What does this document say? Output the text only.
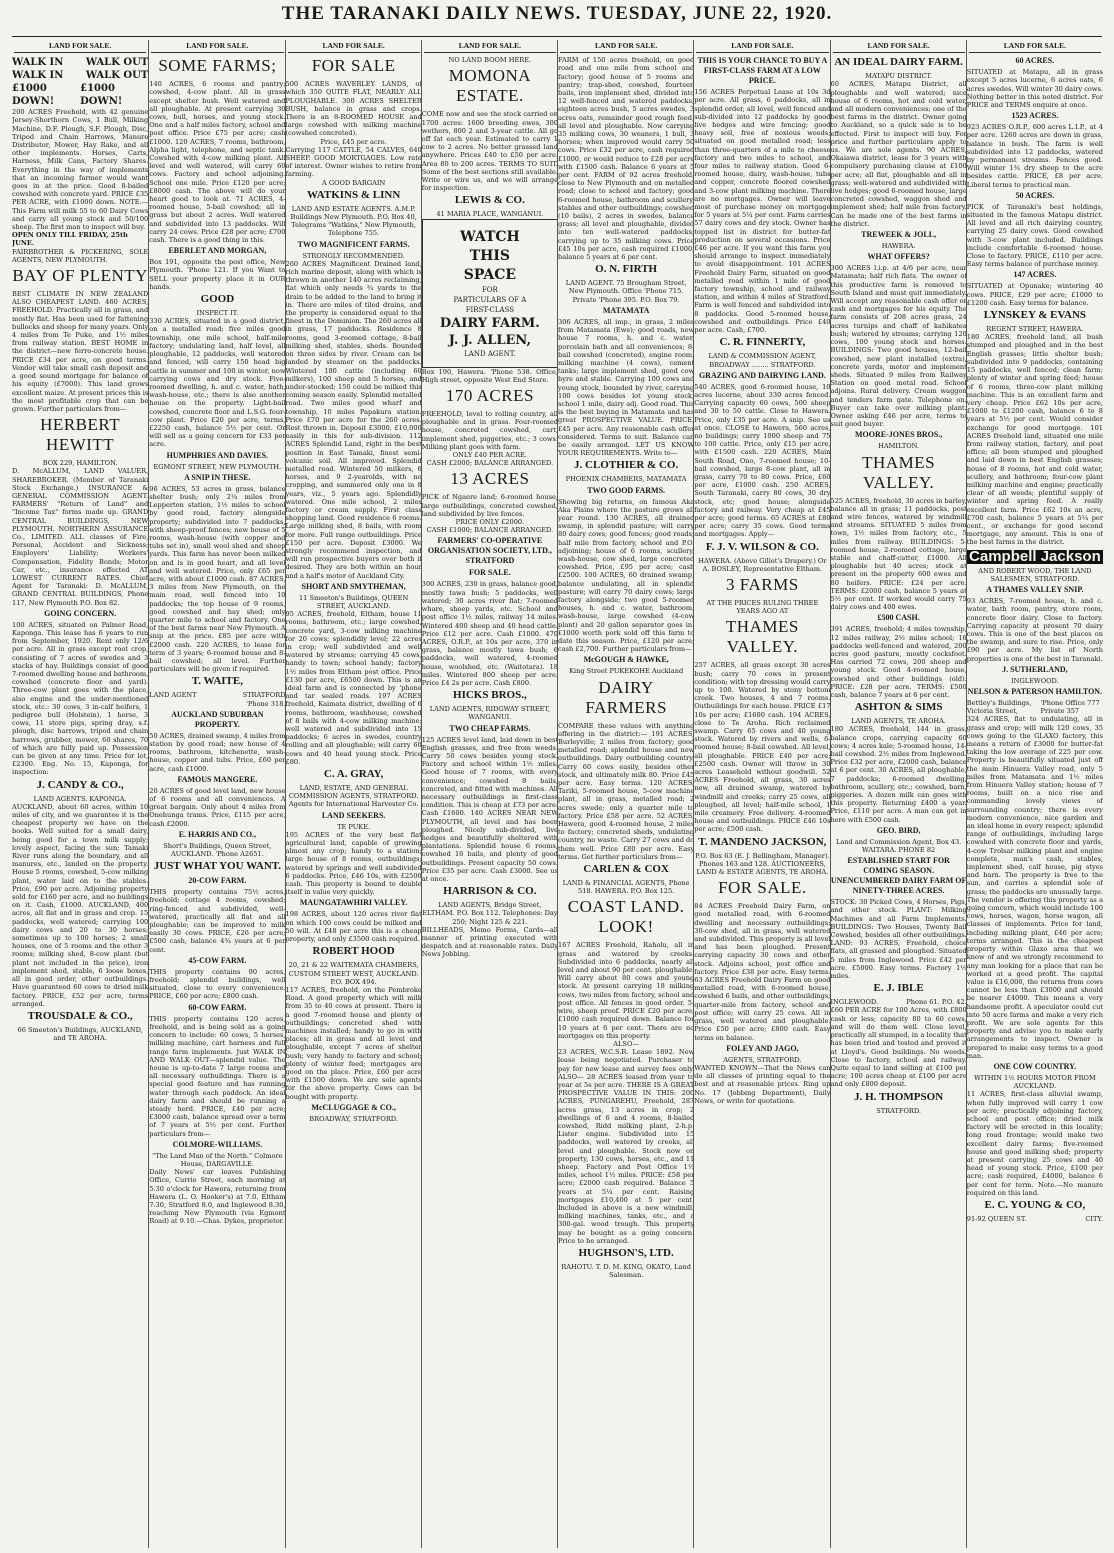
THE TARANAKI DAILY NEWS. TUESDAY, JUNE 22, 1920.
LAND FOR SALE.
WALK IN WALK OUT
WALK IN WALK OUT
£1000 DOWN!
£1000 DOWN!
200 ACRES Freehold, with 42 genuine Jersey-Shorthorn Cows, 1 Bull, Milking Machine, D.F. Plough, S.F. Plough, Disc, Tripod and Chain Harrows, Manure Distributor, Mower, Hay Rake, and all other implements. Horses, Carts, Harness, Milk Cans, Factory Shares. Everything in the way of implements that an incoming farmer would want goes in at the price. Good 8-bailed cowshed with concrete yard. PRICE £35 PER ACRE, with £1000 down. NOTE.—This Farm will milk 55 to 60 Dairy Cows and carry all young stock and 50/100 sheep. The first man to inspect will buy.
OPEN ONLY TILL FRIDAY, 25th JUNE.
FAIRBROTHER & PICKERING, SOLE AGENTS, NEW PLYMOUTH.
BAY OF PLENTY
BEST CLIMATE IN NEW ZEALAND ALSO CHEAPEST LAND. 460 ACRES, FREEHOLD. Practically all in grass, and mostly flat. Has been used for fattening bullocks and sheep for many years. Only 4 miles from Te Puke, and 1½ miles from railway station. BEST HOME in the district—new ferro-concrete house. PRICE £34 per acre, on good terms. Vendor will take small cash deposit and a good sound mortgage for balance of his equity (£7000). This land grows excellent maize. At present prices this is the most profitable crop that can be grown. Further particulars from—
HERBERT HEWITT
BOX 229, HAMILTON.
D. McALLUM, LAND VALUER, SHAREBROKER. (Member of Taranaki Stock Exchange.) INSURANCE & GENERAL COMMISSION AGENT. FARMERS' "Return of Land" and "Income Tax" forms made up. GRAND CENTRAL BUILDINGS, NEW PLYMOUTH. NORTHERN ASSURANCE Co., LIMITED. ALL classes of Fire, Personal, Accident and Sickness; Employers' Liability; Workers' Compensation, Fidelity Bonds; Motor Car, etc., insurance effected AT LOWEST CURRENT RATES. Chief Agent for Taranaki: D. McALLUM, GRAND CENTRAL BUILDINGS, Phone 117, New Plymouth P.O. Box 82.
GOING CONCERN.
100 ACRES, situated on Palmer Road, Kaponga. This lease has 6 years to run from September, 1920. Rent only 12/6 per acre. All in grass except root crop, consisting of 7 acres of swedes and 3 stacks of hay. Buildings consist of good 7-roomed dwelling house and bathroom, cowshed (concrete floor and yard). Three-cow plant goes with the place, also engine and the under-mentioned stock, etc.: 30 cows, 3 in-calf heifers, 1 pedigree bull (Holstein), 1 horse, 3 cows, 11 store pigs, spring dray, s.f. plough, disc harrows, tripod and chain harrows, grubber, mower, 60 shares, 70 of which are fully paid up. Possession can be given at any time. Price for lot, £2300. Eng. No. 15, Kaponga, for inspection:
J. CANDY & CO.,
LAND AGENTS. KAPONGA.
AUCKLAND, about 60 acres, within 10 miles of city, and we guarantee it is the cheapest property we have on the books. Well suited for a small dairy, being good for a town milk supply; lovely aspect, facing the sun; Tamaki River runs along the boundary, and all manures, etc., landed on the property. House 5 rooms, cowshed, 5-cow milking plant, water laid on to the stables. Price, £90 per acre. Adjoining property sold for £160 per acre, and no buildings on it. Cash, £1000. AUCKLAND, 400 acres, all flat and in grass and crop. 15 paddocks, well watered; carrying 100 dairy cows and 20 to 30 horses; sometimes up to 100 horses; 2 small houses, one of 5 rooms and the other 3 rooms; milking shed, 8-cow plant (but plant not included in the price), iron implement shed, stable, 6 loose boxes, all in good order, other outbuildings. Have guaranteed 60 cows to dried milk factory. PRICE, £52 per acre, terms arranged.
TROUSDALE & CO.,
66 Smeeton's Buildings, AUCKLAND, and TE AROHA.
LAND FOR SALE.
SOME FARMS;
140 ACRES, 6 rooms and pantry; cowshed, 4-cow plant. All in grass except shelter bush. Well watered and all ploughable. At present carrying 30 cows, bull, horses, and young stock. One and a half miles factory, school and post office. Price £75 per acre; cash £1000. 120 ACRES, 7 rooms, bathroom, Alpha light, telephone, and septic tank. Cowshed with 4-cow milking plant. All level and well watered, will carry 60 cows. Factory and school adjoining. School one mile. Price £120 per acre; £8000 cash. The above will do your heart good to look at. 71 ACRES, 4-roomed house, 5-bail cowshed; all in grass but about 2 acres. Well watered and subdivided into 13 paddocks. Will carry 24 cows. Price £28 per acre; £700 cash. There is a good thing in this.
EBERLET AND MORGAN,
Box 191, opposite the post office, New Plymouth. 'Phone 121. If you Want to SELL your property place it in OUR hands.
GOOD
INSPECT IT.
330 ACRES, situated in a good district, on a metalled road; five miles good township, one mile school, half-mile factory; undulating land, half level, all ploughable, 12 paddocks, well watered and fenced, will carry 150 head big cattle in summer and 100 in winter, now carrying cows and dry stock. Five-roomed dwelling, h. and c. water, bath, wash-house, etc.; there is also another house on the property. Light-bail cowshed, concrete floor and L.S.G. four-cow plant. Price £20 per acre, terms, £2250 cash, balance 5½ per cent. Or will sell as a going concern for £33 per acre.
HUMPHRIES AND DAVIES.
EGMONT STREET, NEW PLYMOUTH.
A SNIP IN THESE.
96 ACRES, 53 acres in grass, balance shelter bush; only 2¼ miles from Lepperton station, 1½ miles to school by good road, factory alongside property; subdivided into 7 paddocks, with sheep-proof fences; new house of 5 rooms, wash-house (with copper and tubs set in), small wool shed and sheep yards. This farm has never been milked on and is in good heart, and all level and well watered. Price, only £65 per acre, with about £1000 cash. 87 ACRES, 3 miles from New Plymouth, on the main road, well fenced into 10 paddocks; the top house of 9 rooms, good cowshed and hay shed; only quarter mile to school and factory. One of the best farms near New Plymouth. A snip at the price. £85 per acre with £2000 cash. 220 ACRES, to lease for term of 3 years; 6-roomed house and 8-bail cowshed; all level. Further particulars will be given if required.
T. WAITE,
LAND AGENT	STRATFORD
'Phone 318.
AUCKLAND SUBURBAN PROPERTY.
50 ACRES, drained swamp, 4 miles from station by good road; new house of 4 rooms, bathroom, kitchenette, wash-house, copper and tubs. Price, £60 per acre, cash £1000.
FAMOUS MANGERE.
20 ACRES of good level land, new house of 6 rooms and all conveniences. A great bargain. Only about 4 miles from Onehunga trams. Price, £115 per acre, cash £2000.
E. HARRIS AND CO.,
Short's Buildings, Queen Street, AUCKLAND. 'Phone A2651.
JUST WHAT YOU WANT.
20-COW FARM.
THIS property contains 75½ acres, freehold; cottage 4 rooms, cowshed; ring-fenced and subdivided, well-watered, practically all flat and all ploughable; can be improved to milk easily 30 cows. PRICE, £26 per acre; £500 cash, balance 4¾ years at 6 per cent.
45-COW FARM.
THIS property contains 90 acres, freehold; splendid buildings, well situated, close to every convenience. PRICE, £60 per acre; £800 cash.
60-COW FARM.
THIS property contains 120 acres, freehold, and is being sold as a going concern to include: 60 cows, 5 horses, milking machine, cart harness and full range farm implements. Just WALK IN AND WALK OUT—splendid value. The house is up-to-date 7 large rooms and all necessary outbuildings. There is a special good feature and has running water through each paddock. An ideal dairy farm and should be running a steady herd. PRICE, £40 per acre; £3000 cash, balance spread over a term of 7 years at 5½ per cent. Further particulars from—
COLMORE-WILLIAMS.
"The Land Man of the North." Colmore House, DARGAVILLE.
Daily News' car leaves Publishing Office, Currie Street, each morning at 5.30 o'clock for Hawera, returning from Hawera (L. O. Hooker's) at 7.0. Eltham 7.30, Stratford 8.0, and Inglewood 8.30, reaching New Plymouth (via Egmont Road) at 9.10.—Chas. Dykes, proprietor.
LAND FOR SALE.
FOR SALE
500 ACRES WAVERLEY LANDS, of which 350 QUITE FLAT, NEARLY ALL PLOUGHABLE. 300 ACRES SHELTER BUSH, balance in grass and crops. There is an 8-ROOMED HOUSE and large cowshed with milking machine (cowshed concreted).
Price, £45 per acre.
Carrying 117 CATTLE, 54 CALVES, 640 SHEEP. GOOD MORTGAGES. Low rate of interest. Owner wishes to retire from farming.
A GOOD BARGAIN
WATKINS & LINN
LAND AND ESTATE AGENTS. A.M.P. Buildings New Plymouth. P.O. Box 40, Telegrams "Watkins," New Plymouth, Telephone 755.
TWO MAGNIFICENT FARMS.
STRONGLY RECOMMENDED.
260 ACRES Magnificent Drained land, rich marine deposit, along with which is thrown in another 140 acres reclaiming, flat which only needs ¾ yards to the drain to be added to the land to bring it in. There are miles of tiled drains, and the property is considered equal to the finest in the Dominion. The 260 acres all in grass, 17 paddocks. Residence 8 rooms, good 3-roomed cottage, 8-bail milking shed, stables, sheds. Bounded on three sides by river. Cream can be landed by steamer on the paddocks. Wintered 180 cattle (including 60 milkers), 100 sheep and 5 horses, and under-stocked; 150 could be milked this coming season easily. Splendid metalled road. Two miles good wharf and township, 10 miles Papakura station. Price £70 per acre for the 260 acres. Rest thrown in. Deposit £3000. £10,000 easily in this for sub-division. 112 ACRES Splendid Land, right in the best position in East Tamaki, finest semi-volcanic soil. All improved. Splendid metalled road. Wintered 50 milkers, 6 horses, and 9 2-yearolds, with no cropping, and summered only one in 8 years, viz., 5 years ago. Splendidly watered. One mile school, 2 miles factory or cream supply. First class shopping land. Good residence 6 rooms. Large milking shed, 8 bails, with room for more. Full range outbuildings. Price £150 per acre. Deposit £3000. We strongly recommend inspection, and will run prospective buyers over both if desired. They are both within an hour and a half's motor of Auckland City.
SHORT AND SMYTHEMAN,
11 Smeeton's Buildings, QUEEN STREET, AUCKLAND.
95 ACRES, freehold, Eltham, house 11 rooms, bathroom, etc.; large cowshed, concrete yard, 3-cow milking machine for 20 cows; splendidly level; 22 acres in crop; well subdivided and well watered by streams; carrying 45 cows, handy to town; school handy; factory 1½ miles from Eltham post office. Price £130 per acre, £6500 down. This is an ideal farm and is connected by 'phone and tar sealed roads. 197 ACRES freehold, Kaimata district, dwelling of 6 rooms, bathroom, washhouse, cowshed of 8 bails with 4-cow milking machine; well watered and subdivided into 15 paddocks; 6 acres in swedes, country rolling and all ploughable; will carry 60 cows and 40 head young stock. Price £80.
C. A. GRAY,
LAND, ESTATE, AND GENERAL COMMISSION AGENTS, STRATFORD. Agents for International Harvester Co.
LAND SEEKERS.
TE PUKE.
195 ACRES of the very best flat agricultural land, capable of growing almost any crop; handy to a station; large house of 8 rooms, outbuildings; watered by springs and well subdivided 6 paddocks. Price, £46 10s, with £2500 cash. This property is bound to double itself in value very quickly.
MAUNGATAWHIRI VALLEY.
198 ACRES, about 120 acres river flat on which 100 cows could be milked and 50 will. At £48 per acre this is a cheap property, and only £3500 cash required.
ROBERT HOOD
20, 21 & 22 WAITEMATA CHAMBERS, CUSTOM STREET WEST, AUCKLAND. P.O. BOX 494.
117 ACRES, freehold, on the Pembroke Road. A good property which will milk from 35 to 40 cows at present. There is a good 7-roomed house and plenty of outbuildings; concreted shed with machines installed; handy to go in with places; all in grass and all level and ploughable, except 7 acres of shelter bush; very handy to factory and school; plenty of winter feed; mortgages are good on the place. Price, £60 per acre with £1500 down. We are sole agents for the above property. Cows can be bought with property.
McCLUGGAGE & CO.,
BROADWAY, STRATFORD.
LAND FOR SALE.
NO LAND BOOM HERE.
MOMONA ESTATE.
COME now and see the stock carried on 1700 acres: 1600 breeding ewes, 300 wethers, 800 2 and 3-year cattle. All go off fat each year. Estimated to carry 1 cow to 2 acres. No better grassed land anywhere. Prices £40 to £50 per acre. Area 80 to 200 acres. TERMS TO SUIT. Some of the best sections still available. Write or wire us, and we will arrange for inspection.
LEWIS & CO.
41 MARIA PLACE, WANGANUI.
WATCH
THIS
SPACE
FOR
PARTICULARS OF A
FIRST-CLASS
DAIRY FARM.
J. J. ALLEN,
LAND AGENT.
Box 190, Hawera. 'Phone 538. Office, High street, opposite West End Store.
170 ACRES
FREEHOLD, level to rolling country, all ploughable and in grass. Four-roomed house, concreted cowshed, cart, implement shed, piggeries, etc.; 3 cows. Milking plant goes with farm.
ONLY £40 PER ACRE.
CASH £2000; BALANCE ARRANGED.
13 ACRES
PICK of Ngaere land; 6-roomed house, large outbuildings, concreted cowshed, land subdivided by live fences.
PRICE ONLY £2000.
CASH £1000; BALANCE ARRANGED.
FARMERS' CO-OPERATIVE ORGANISATION SOCIETY, LTD., STRATFORD
FOR SALE.
300 ACRES, 230 in grass, balance good, mostly tawa bush; 5 paddocks, well watered; 30 acres river flat; 7-roomed whare, sheep yards, etc. School and post office 1½ miles, railway 14 miles. Wintered 400 sheep and 40 head cattle. Price £12 per acre. Cash £1000. 470 ACRES, O.R.P., at 10s per acre, 370 in grass, balance mostly tawa bush; 6 paddocks, well watered, 4-roomed house, woolshed, etc. (Waitotara). 18 miles. Wintered 800 sheep per acre. Price £4 2s per acre. Cash £800.
HICKS BROS.,
LAND AGENTS, RIDGWAY STREET, WANGANUI.
TWO CHEAP FARMS.
125 ACRES level land, laid down in best English grasses, and free from weeds. Carry 50 cows besides young stock. Factory and school within 1½ miles. Good house of 7 rooms, with every convenience; cowshed 8 bails, concreted, and fitted with machines. All necessary outbuildings in first-class condition. This is cheap at £73 per acre. Cash £1600. 140 ACRES NEAR NEW PLYMOUTH, all level and has been ploughed. Nicely sub-divided, live hedges and beautifully sheltered with plantations. Splendid house 6 rooms, cowshed 16 bails, and plenty of good outbuildings. Present capacity 50 cows. Price £35 per acre. Cash £3000. See us at once.
HARRISON & CO.
LAND AGENTS, Bridge Street, ELTHAM. P.O. Box 112. Telephones: Day 250; Night 125 & 221.
BILLHEADS, Memo Forms, Cards—all manner of printing executed with despatch and at reasonable rates. Daily News Jobbing.
LAND FOR SALE.
FARM of 150 acres freehold, on good road and one mile from school and factory; good house of 5 rooms and pantry; trap-shed, cowshed, fourteen bails, iron implement shed, divided into 12 well-fenced and watered paddocks; eighteen acres bush, 5 acres swedes, 3 acres oats, remainder good rough feed; all level and ploughable. Now carrying 35 milking cows, 30 weaners, 1 bull, 3 horses; when improved would carry 50 cows. Price £32 per acre, cash required £1000, or would reduce to £28 per acre with £1500 cash. Balance 6 years at 5 per cent. FARM of 92 acres freehold, close to New Plymouth and on metalled road; close to school and factory; good 6-roomed house, bathroom and scullery, stables and other outbuildings; cowshed (10 bails), 2 acres in swedes, balance grass; all level and ploughable, divided into ten well-watered paddocks; carrying up to 35 milking cows. Price £45 10s per acre, cash required £1000, balance 5 years at 6 per cent.
O. N. FIRTH
LAND AGENT. 75 Brougham Street, New Plymouth. Office 'Phone 715. Private 'Phone 395. P.O. Box 79.
MATAMATA
306 ACRES, all imp., in grass, 2 miles from Matamata (Ewe); good roads, new house 7 rooms, h. and c. water, porcelain bath and all conveniences; 8-bail cowshed (concreted), engine room, milking machine (4 cows), cement tanks; large implement shed, good cow byre and stable. Carrying 100 cows and young stock, bounded by river, carrying 100 cows besides lot young stock; school 1 mile, dairy adj. Good road. This is the best buying in Matamata and has great PROSPECTIVE VALUE. PRICE, £45 per acre. Any reasonable cash offer considered. Terms to suit. Balance can be easily arranged. LET US KNOW YOUR REQUIREMENTS. Write to—
J. CLOTHIER & CO.
PHOENIX CHAMBERS, MATAMATA
TWO GOOD FARMS.
Showing big returns, on famous Aka Aka Plains where the pasture grows all year round. 130 ACRES, all drained swamp, in splendid pasture; will carry 80 dairy cows; good fences; good roads; half mile from factory, school and P.O. adjoining; house of 6 rooms, scullery, wash-house, cow shed, large concreted cowshed. Price, £95 per acre; cash £2500. 100 ACRES, 60 drained swamp, balance undulating, all in splendid pasture; will carry 70 dairy cows; large factory alongside; two good 5-roomed houses, h. and c. water, bathroom, wash-house, large cowshed (4-cow plant) and 20 gallon separator goes in. £1000 worth pork sold off this farm to date this season. Price, £120 per acre; cash £2,700. Further particulars from—
McGOUGH & HAWKE,
King Street PUKEKOHE Auckland
DAIRY FARMERS
COMPARE these values with anything offering in the district:— 191 ACRES, Burleyville; 2 miles from factory; good metalled road; splendid house and new outbuildings. Dairy outbuilding country. Carry 60 cows easily, besides other stock, and ultimately milk 80. Price £45 per acre. Easy terms. 120 ACRES, Tariki, 5-roomed house, 5-cow machine plant, all in grass, metalled road; 2 acres swede; only a quarter mile to factory. Price £58 per acre. 52 ACRES, Hawera, good 4-roomed house, 2 miles to factory; concreted sheds, undulating country, no waste. Carry 27 cows and do them well. Price £80 per acre. Easy terms. Get further particulars from—
CARLEN & COX
LAND & FINANCIAL AGENTS, Phone 518. HAWERA. P.O. Box 125.
COAST LAND. LOOK!
167 ACRES Freehold, Raholu, all in grass and watered by creeks. Subdivided into 6 paddocks, nearly all level and about 90 per cent. ploughable. Will carry about 80 cows and young stock. At present carrying 18 milking cows, two miles from factory, school and post office. All fences in good order. 5-wire, sheep proof. PRICE £20 per acre; £1000 cash required down. Balance for 10 years at 6 per cent. There are no mortgages on this property.
ALSO—
23 ACRES, W.C.S.R. Lease 1892. New lease being negotiated. Purchaser to pay for new lease and survey fees only. ALSO— 28 ACRES leased from year to year at 5s per acre. THERE IS A GREAT PROSPECTIVE VALUE IN THIS: 200 ACRES, PUNGAREHU, Freehold, 287 acres grass, 13 acres in crop; 2 dwellings of 6 and 4 rooms, 8-bailed cowshed, Ridd milking plant, 2-h.p. Lister engine. Subdivided into 15 paddocks, well watered by creeks, all level and ploughable. Stock now on property, 130 cows, horses, etc., and 11 sheep. Factory and Post Office 1½ miles, school 1½ miles. PRICE: £58 per acre; £2000 cash required. Balance 5 years at 5¼ per cent. Raising mortgages £10,400 at 5 per cent. Included in above is a new windmill, milking machines, tanks, etc., and a 300-gal. wood trough. This property may be bought as a going concern. Price to be arranged.
HUGHSON'S, LTD.
RAHOTU. T. D. M. KING, OKATO, Land Salesman.
LAND FOR SALE.
THIS IS YOUR CHANCE TO BUY A FIRST-CLASS FARM AT A LOW PRICE.
156 ACRES Perpetual Lease at 10s 3d per acre. All grass, 6 paddocks, all in splendid order, all level, well fenced and sub-divided into 12 paddocks by good live hedges and wire fencing; good heavy soil, free of noxious weeds; situated on good metalled road; less than three-quarters of a mile to cheese factory and two miles to school, and four miles to railway station. Good 6-roomed house, dairy, wash-house, tubs and copper, concrete floored cowshed and 3-cow plant milking machine. There are no mortgages. Owner will leave most of purchase money on mortgage for 5 years at 5¼ per cent. Farm carries 57 dairy cows and dry stock. Owner has topped list in district for butter-fat production on several occasions. Price £46 per acre. If you want this farm you should arrange to inspect immediately to avoid disappointment. 101 ACRES Freehold Dairy Farm, situated on good metalled road within 1 mile of good factory township, school and railway station, and within 4 miles of Stratford. Farm is well fenced and subdivided into 8 paddocks. Good 5-roomed house, cowshed and outbuildings. Price £40 per acre. Cash, £700.
C. R. FINNERTY,
LAND & COMMISSION AGENT, BROADWAY ........ STRATFORD.
GRAZING AND DAIRYING LAND.
540 ACRES, good 6-roomed house, 10 acres lucerne, about 330 acres fenced. Carrying capacity 60 cows, 500 sheep and 30 to 50 cattle. Close to Hawera. Price, only £35 per acre. A snip. See us at once. CLOSE to Hawera, 560 acres, no buildings; carry 1000 sheep and 75 to 100 cattle. Price, only £15 per acre, with £1500 cash. 220 ACRES, Main South Road, Ono, 7-roomed house; 10-bail cowshed, large 8-cow plant, all in grass, carry 70 to 80 cows. Price, £60 per acre, £1000 cash. 250 ACRES, South Taranaki, carry 80 cows, 30 dry stock, etc; good house; alongside factory and railway. Very cheap at £45 per acre; good terms. 65 ACRES at £80 per acre; carry 35 cows. Good terms and mortgages. Apply—
F. J. V. WILSON & CO.
HAWERA. (Above Gillet's Drapery.) Or A. BOSLEY, Representative Eltham.
3 FARMS
AT THE PRICES RULING THREE YEARS AGO AT
THAMES VALLEY.
257 ACRES, all grass except 30 acres bush; carry 70 cows in present condition; with top dressing would carry up to 100. Watered by stony bottom creek. Two houses, 4 and 7 rooms. Outbuildings for each house. PRICE £17 10s per acre; £1600 cash. 194 ACRES, close to Te Aroha. Rich reclaimed swamp. Carry 65 cows and 40 young stock. Watered by rivers and wells, 6-roomed house; 8-bail cowshed. All level, all ploughable. PRICE £40 per acre; £2500 cash. Owner will throw in 30 acres Leasehold without goodwill. 52 ACRES Freehold, all grass, 30 acres new, all drained swamp, watered by windmill and creeks; carry 25 cows, all ploughed, all level; half-mile school, 1 mile creamery. Free delivery. 4-roomed house and outbuildings. PRICE £46 10s per acre; £500 cash.
T. MANDENO JACKSON,
P.O. Box 63 (E. J. Bellingham, Manager). Phones 163 and 128. AUCTIONEERS, LAND & ESTATE AGENTS, TE AROHA.
FOR SALE.
84 ACRES Freehold Dairy Farm, on good metalled road, with 6-roomed dwelling and necessary outbuildings; 30-cow shed, all in grass, well watered and subdivided. This property is all level and has been ploughed. Present carrying capacity 30 cows and other stock. Adjoins school, post office and factory. Price £38 per acre. Easy terms. 63 ACRES Freehold Dairy Farm on good metalled road, with 6-roomed house, cowshed 6 bails, and other outbuildings; quarter-mile from factory, school and post office; will carry 25 cows. All in grass, well watered and ploughable. Price £50 per acre; £800 cash. Easy terms on balance.
FOLEY AND JAGO,
AGENTS, STRATFORD.
WANTED KNOWN—That the News can do all classes of printing equal to the best and at reasonable prices. Ring up No. 17 (Jobbing Department), Daily News, or write for quotations.
LAND FOR SALE.
AN IDEAL DAIRY FARM.
MATAPU DISTRICT.
60 ACRES, Matapu District, all ploughable and well watered; nice house of 6 rooms, hot and cold water, and all modern conveniences; one of the best farms in the district. Owner going to Auckland, so a quick sale is to be effected. First to inspect will buy. For price and further particulars apply to us. We are sole agents. 90 ACRES, Okaiawa district, lease for 3 years with compulsory purchasing clause at £100 per acre; all flat, ploughable and all in grass; well-watered and subdivided with live hedges; good 6-roomed house, large concreted cowshed, waggon shed and implement shed; half mile from factory. Can be made one of the best farms in the district.
TREWEEK & JOLL,
HAWERA.
WHAT OFFERS?
300 ACRES l.i.p. at 4/6 per acre, near Matamata; half rich flats. The owner of this productive farm is removed to South Island and must quit immediately. Will accept any reasonable cash offer or cash and mortgages for his equity. The farm consists of 208 acres grass, 24 acres turnips and chaff of kahikatea bush; watered by streams; carrying 120 cows, 100 young stock and horses. BUILDINGS: Two good houses, 12-bail cowshed, new plant installed (extra), concrete yards, motor and implement sheds. Situated 9 miles from Railway Station on good metal road. School adjoins. Rural delivery. Cream waggon and tenders farm gate. Telephone on. Buyer can take over milking plant. Owner asking £46 per acre, terms to suit good buyer.
MOORE-JONES BROS.,
HAMILTON.
THAMES VALLEY.
525 ACRES, freehold, 30 acres in barley, balance all in grass; 11 paddocks, post and wire fences, watered by windmill and streams. SITUATED 5 miles from town, 1½ miles from factory, etc., 5 miles from railway. BUILDINGS: 5-roomed house, 2-roomed cottage, large stable and chaff-cutter, £1000. All ploughable but 40 acres; stock at present on the property 600 ewes and 80 heifers. PRICE: £24 per acre. TERMS: £2000 cash, balance 5 years at 5½ per cent. If worked would carry 75 dairy cows and 400 ewes.
£500 CASH.
391 ACRES, freehold; 4 miles township, 12 miles railway, 2½ miles school; 16 paddocks well-fenced and watered, 200 acres good pasture, mostly cocksfoot. Has carried 72 cows, 200 sheep and young stock. Good 4-roomed house, cowshed and other buildings (old). PRICE: £28 per acre. TERMS: £500 cash, balance 7 years at 6 per cent.
ASHTON & SIMS
LAND AGENTS, TE AROHA.
180 ACRES, freehold, 144 in grass, balance crops, carrying capacity 60 cows; 4 acres kale; 5-roomed house, 14-bail cowshed. 2½ miles from Inglewood. Price £32 per acre, £2000 cash, balance at 6 per cent. 30 ACRES, all ploughable, 7 paddocks; 6-roomed dwelling, bathroom, scullery, etc.; cowshed, barn, piggeries. A dozen milk can goes with this property. Returning £400 a year. Price, £110 per acre. A man can get in here with £500 cash.
GEO. BIRD,
Land and Commission Agent, Box 43. WAITARA. PHONE 82
ESTABLISHED START FOR COMING SEASON. UNENCUMBERED DAIRY FARM OF NINETY-THREE ACRES.
STOCK: 30 Picked Cows, 4 Horses, Pigs, and other stock. PLANT: Milking Machines and all Farm Implements. BUILDINGS: Two Houses, Twenty Bail Cowshed, besides all other outbuildings. LAND: 93 ACRES, Freehold, choice flats, all grassed and ploughed. Situated 5 miles from Inglewood. Price £42 per acre. £5000. Easy terms. Factory 1½ miles.
E. J. IBLE
INGLEWOOD.	Phone 61. P.O. 42.
£60 PER ACRE for 100 Acres, with £800 cash or less; capacity 80 to 60 cows, and will do them well. Close level, practically all stumped, in a locality that has been tried and tested and proved it at Lloyd's. Good buildings. No weeds. Close to factory, school and railway. Quite equal to land selling at £100 per acre; 100 acres cheap at £100 per acre and only £800 deposit.
J. H. THOMPSON
STRATFORD.
LAND FOR SALE.
60 ACRES.
SITUATED at Matapu, all in grass except 5 acres lucerne, 6 acres oats, 6 acres swedes. Will winter 30 dairy cows. Nothing better in this noted district. For PRICE and TERMS enquire at once.
1523 ACRES.
923 ACRES O.R.P., 600 acres L.I.P., at 4 per acre. 1260 acres are down in grass, balance in bush. The farm is well subdivided into 12 paddocks, watered by permanent streams. Fences good. Will winter 1¾ dry sheep to the acre besides cattle. PRICE, £8 per acre. Liberal terms to practical man.
50 ACRES.
PICK of Taranaki's best holdings, situated in the famous Matapu district. All level and all rich dairying country, carrying 25 dairy cows. Good cowshed with 3-cow plant included. Buildings include comfortable 6-roomed house. Close to factory. PRICE, £110 per acre. Easy terms balance of purchase money.
147 ACRES.
SITUATED at Opunake; wintering 40 cows. PRICE, £29 per acre; £1000 to £1200 cash. Easy terms for balance.
LYNSKEY & EVANS
REGENT STREET, HAWERA.
180 ACRES, freehold land, all bush stumped and ploughed and in the best English grasses; little shelter bush; subdivided into 9 paddocks, containing 15 paddocks, well fenced; clean farm; plenty of winter and spring feed; house of 6 rooms, three-cow plant milking machine. This is an excellent farm and very cheap. Price £62 10s per acre, £1000 to £1200 cash, balance 6 to 8 years at 5½ per cent. Would consider exchange for good mortgage. 101 ACRES freehold land, situated one mile from railway station, factory, and post office; all been stumped and ploughed and laid down in best English grasses; house of 8 rooms, hot and cold water, scullery, and bathroom; four-cow plant milking machine and engine; practically clear of all weeds; plentiful supply of winter and spring feed. A really excellent farm. Price £62 10s an acre, £700 cash, balance 5 years at 5¼ per cent., or exchange for good second mortgage, any amount. This is one of the best farms in the district.
Campbell Jackson
AND ROBERT WOOD, THE LAND SALESMEN, STRATFORD.
A THAMES VALLEY SNIP.
93 ACRES, 7-roomed house, h. and c. water, bath room, pantry, store room, concrete floor dairy. Close to factory. Carrying capacity at present 70 dairy cows. This is one of the best places on the swamp, and sure to rise. Price, only £90 per acre. My list of North properties is one of the best in Taranaki.
J. SUTHERLAND,
INGLEWOOD.
NELSON & PATERSON HAMILTON.
Bettley's Buildings, Victoria Street,
'Phone Office 777 Private 357
324 ACRES, flat to undulating, all in grass and crop; will milk 120 cows, 35 cows going to the GLAXO factory, this means a return of £3000 for butter-fat taking the low average of 225 per cow. Property is beautifully situated just off the main Hinuera Valley road, only 5 miles from Matamata and 1½ miles from Hinuera Valley station; house of 7 rooms, built on a nice rise and commanding lovely views of surrounding country; there is every modern convenience, nice garden and an ideal home in every respect; splendid range of outbuildings, including large cowshed with concrete floor and yards, 4-cow Trolsar milking plant and engine complete, man's cash, stables, implement shed, calf house, pig styes and barn. The property is free to the sun, and carries a splendid sole of grass; the paddocks are unusually large. The vendor is offering this property as a going concern, which would include 100 cows, horses, wagon, horse wagon, all classes of implements. Price for land, including milking plant, £46 per acre; terms arranged. This is the cheapest property within Glaxo area that we know of and we strongly recommend to any man looking for a place that can be worked at a good profit. The capital value is £16,000, the returns from cows cannot be less than £3000 and should be nearer £4000. This means a very handsome profit. A speculator could cut into 50 acre farms and make a very rich profit. We are sole agents for this property and advise you to make early arrangements to inspect. Owner is prepared to make easy terms to a good man.
ONE COW COUNTRY.
WITHIN 1½ HOURS MOTOR FROM AUCKLAND.
11 ACRES, first-class alluvial swamp, when fully improved will carry 1 cow per acre; practically adjoining factory, school and post office; dried milk factory will be erected in this locality; long road frontage; would make two excellent dairy farms; five-roomed house and good milking shed; property at present carrying 25 cows and 40 head of young stock. Price, £100 per acre; cash required, £4000, balance 6 per cent for term. Note.—No manure required on this land.
E. C. YOUNG & CO,
91-92 QUEEN ST.	CITY.
